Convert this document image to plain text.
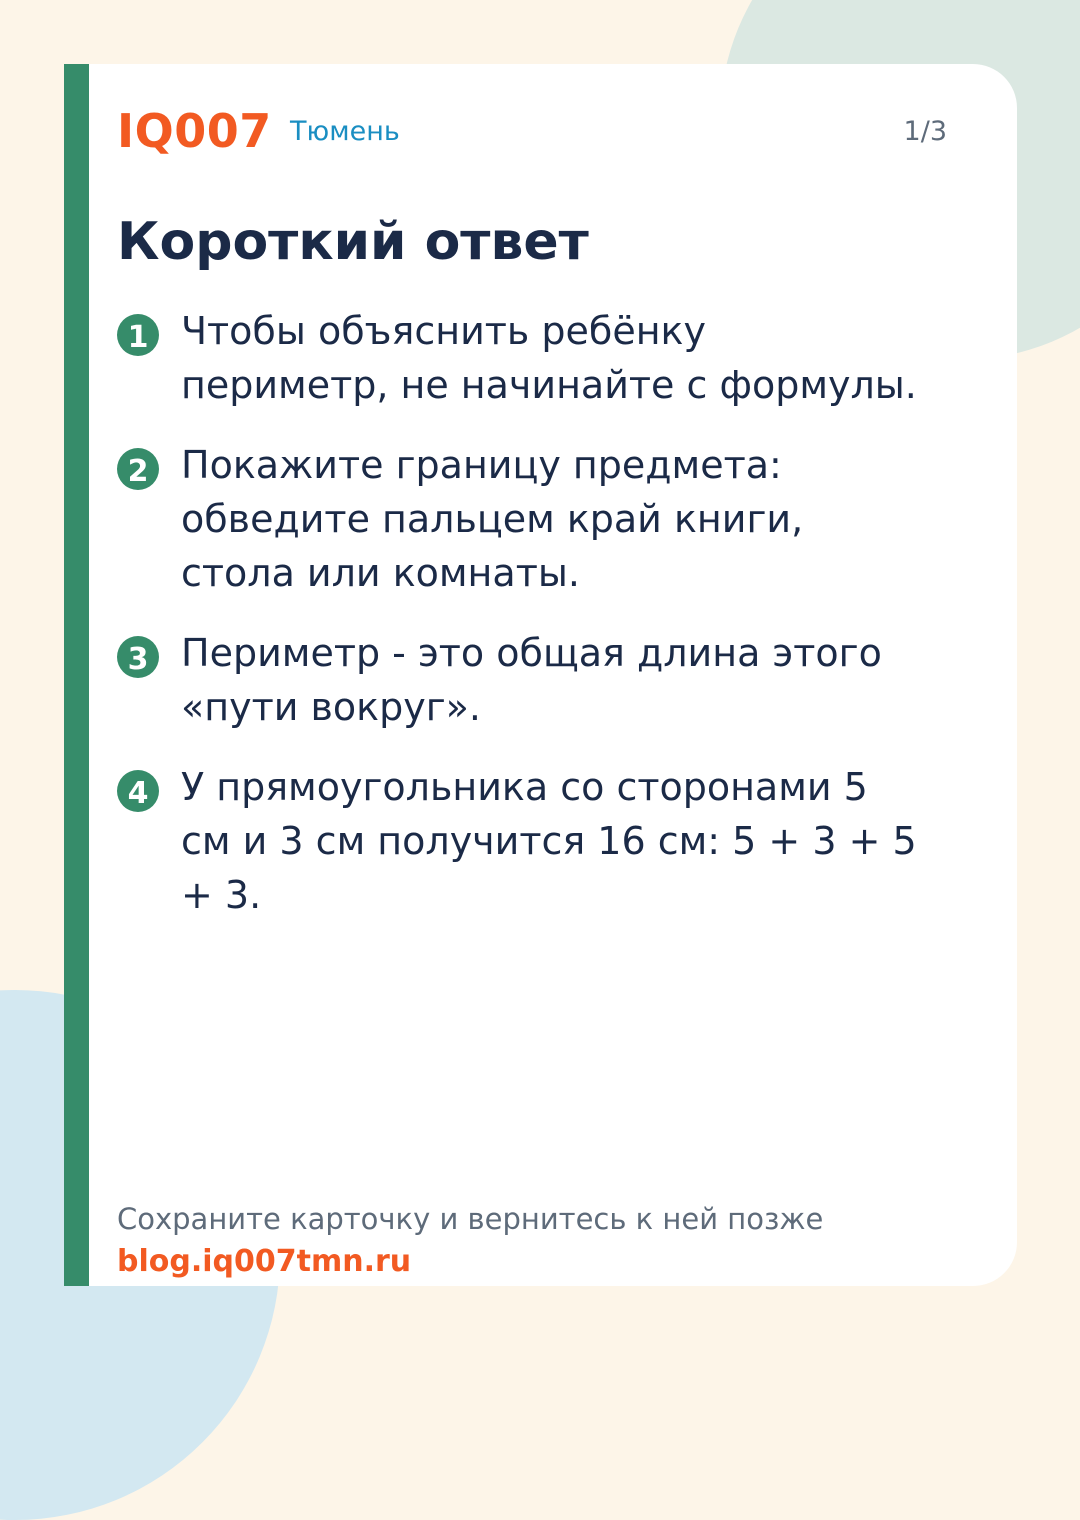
IQ007 Тюмень	1/3
Короткий ответ
1 Чтобы объяснить ребёнку
периметр, не начинайте с формулы.
2 Покажите границу предмета:
обведите пальцем край книги,
стола или комнаты.
3 Периметр - это общая длина этого
«пути вокруг».
4 У прямоугольника со сторонами 5
см и 3 см получится 16 см: 5 + 3 + 5
+ 3.
Сохраните карточку и вернитесь к ней позже
blog.iq007tmn.ru
